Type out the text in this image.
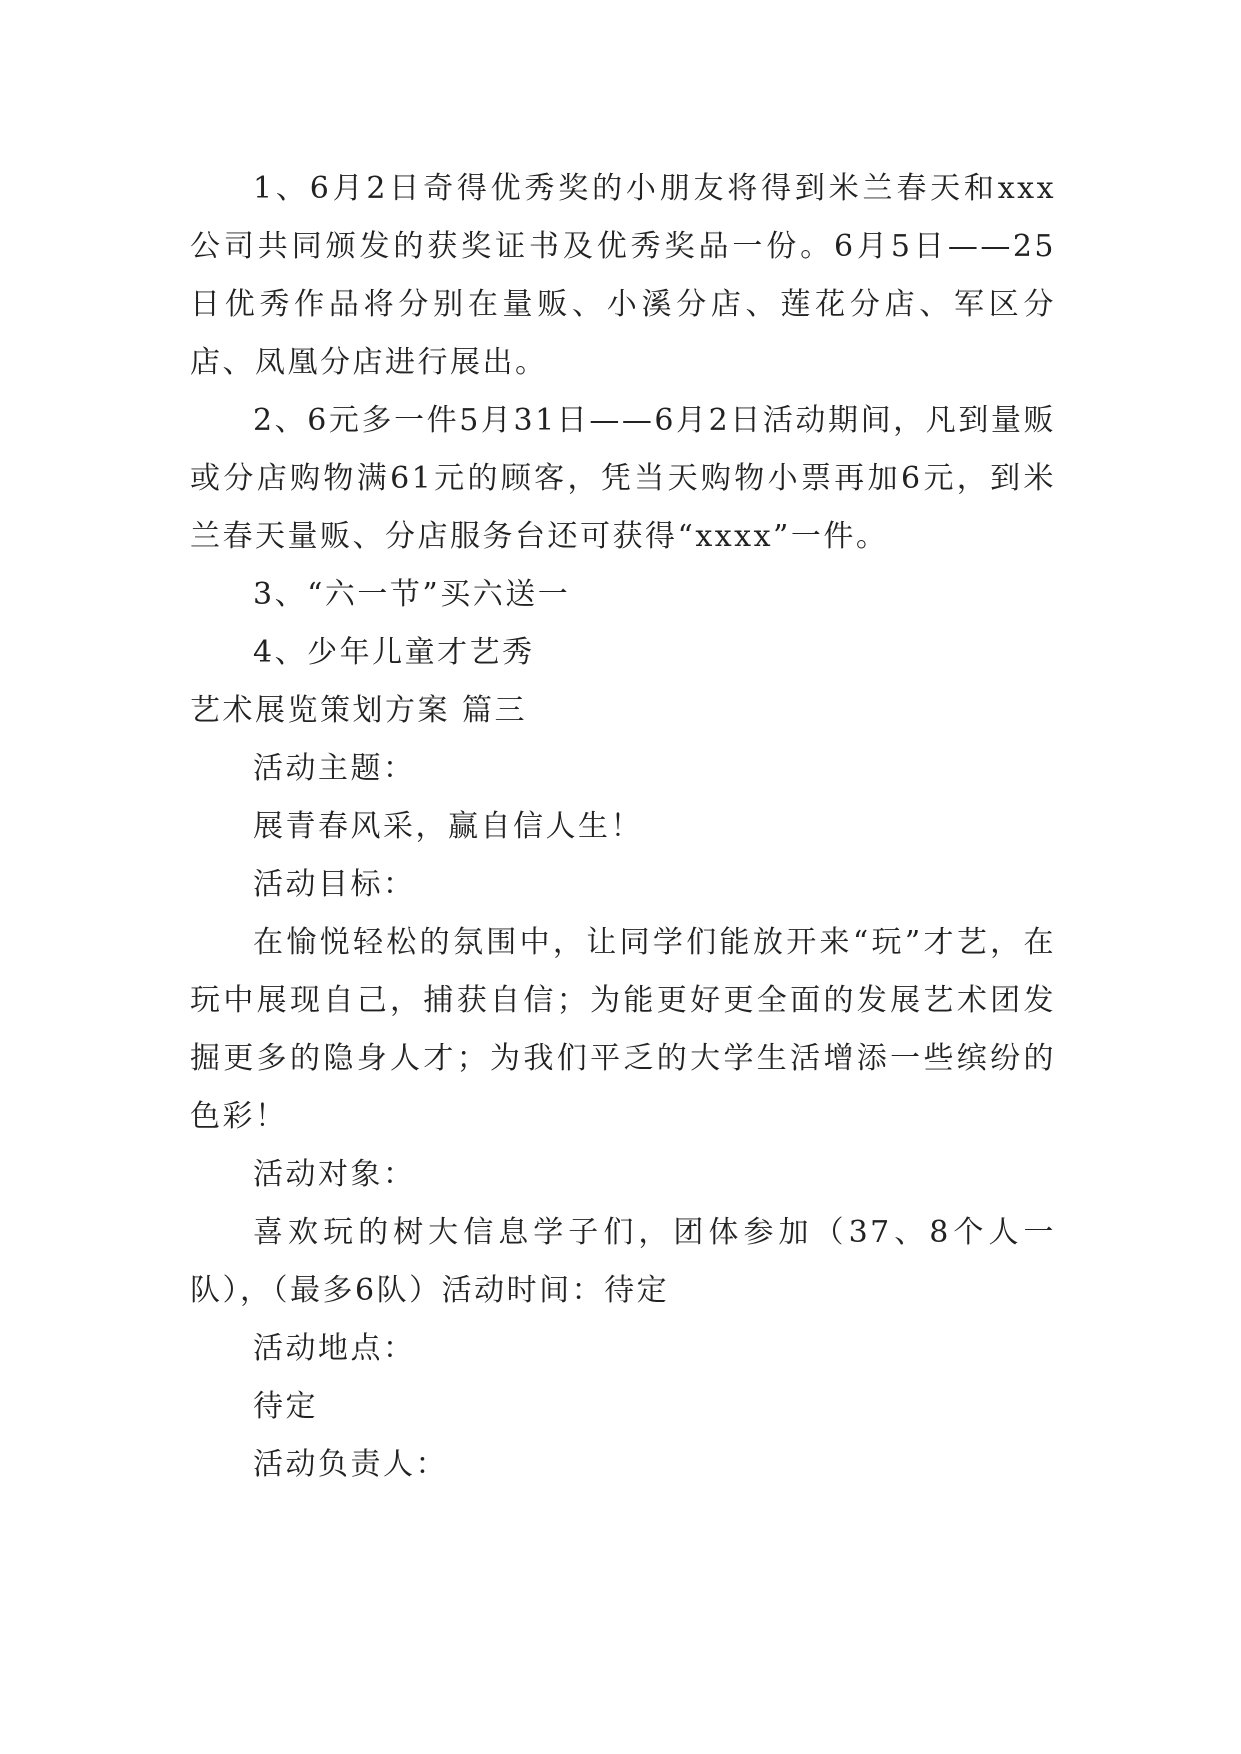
1、6月2日奇得优秀奖的小朋友将得到米兰春天和xxx公司共同颁发的获奖证书及优秀奖品一份。6月5日——25日优秀作品将分别在量贩、小溪分店、莲花分店、军区分店、凤凰分店进行展出。

2、6元多一件5月31日——6月2日活动期间，凡到量贩或分店购物满61元的顾客，凭当天购物小票再加6元，到米兰春天量贩、分店服务台还可获得“xxxx”一件。

3、“六一节”买六送一

4、少年儿童才艺秀

艺术展览策划方案 篇三

活动主题：

展青春风采，赢自信人生！

活动目标：

在愉悦轻松的氛围中，让同学们能放开来“玩”才艺，在玩中展现自己，捕获自信；为能更好更全面的发展艺术团发掘更多的隐身人才；为我们平乏的大学生活增添一些缤纷的色彩！

活动对象：

喜欢玩的树大信息学子们，团体参加（37、8个人一队），（最多6队）活动时间：待定

活动地点：

待定

活动负责人：
